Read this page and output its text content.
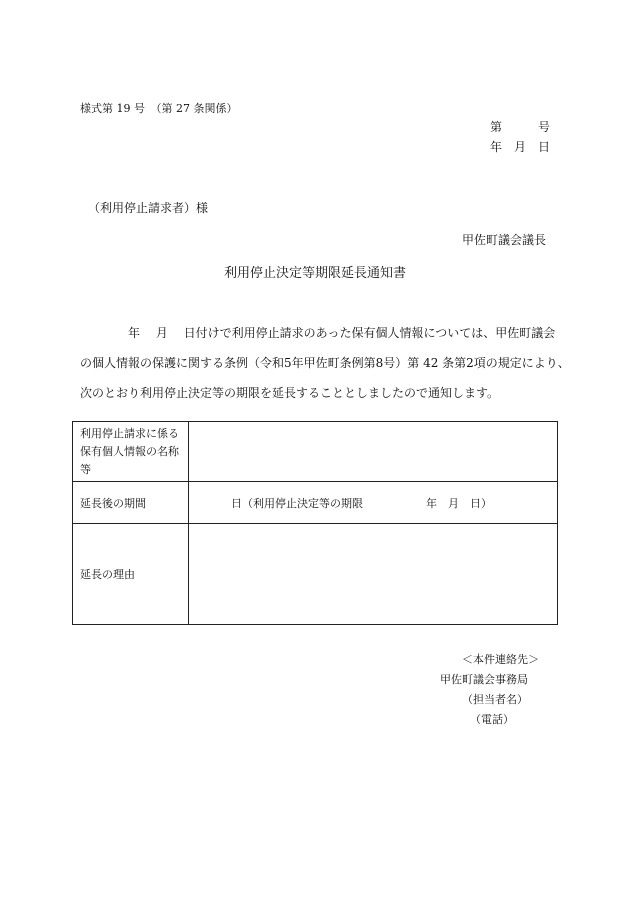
様式第 19 号　（第 27 条関係）
第　　　号
年　月　日
（利用停止請求者）様
甲佐町議会議長
利用停止決定等期限延長通知書
年　 月　 日付けで利用停止請求のあった保有個人情報については、甲佐町議会
の個人情報の保護に関する条例（令和5年甲佐町条例第8号）第 42 条第2項の規定により、
次のとおり利用停止決定等の期限を延長することとしましたので通知します。
利用停止請求に係る保有個人情報の名称等	
延長後の期間	日（利用停止決定等の期限 年　月　日）

延長の理由	
＜本件連絡先＞
甲佐町議会事務局
（担当者名）
（電話）
